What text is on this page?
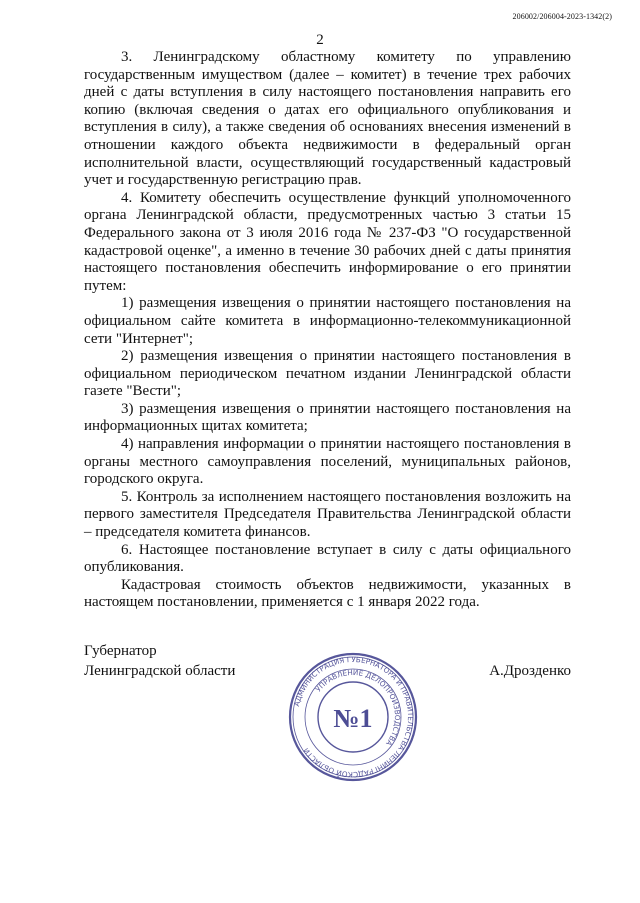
206002/206004-2023-1342(2)
2

3. Ленинградскому областному комитету по управлению государственным имуществом (далее – комитет) в течение трех рабочих дней с даты вступления в силу настоящего постановления направить его копию (включая сведения о датах его официального опубликования и вступления в силу), а также сведения об основаниях внесения изменений в отношении каждого объекта недвижимости в федеральный орган исполнительной власти, осуществляющий государственный кадастровый учет и государственную регистрацию прав.

4. Комитету обеспечить осуществление функций уполномоченного органа Ленинградской области, предусмотренных частью 3 статьи 15 Федерального закона от 3 июля 2016 года № 237-ФЗ "О государственной кадастровой оценке", а именно в течение 30 рабочих дней с даты принятия настоящего постановления обеспечить информирование о его принятии путем:

1) размещения извещения о принятии настоящего постановления на официальном сайте комитета в информационно-телекоммуникационной сети "Интернет";

2) размещения извещения о принятии настоящего постановления в официальном периодическом печатном издании Ленинградской области газете "Вести";

3) размещения извещения о принятии настоящего постановления на информационных щитах комитета;

4) направления информации о принятии настоящего постановления в органы местного самоуправления поселений, муниципальных районов, городского округа.

5. Контроль за исполнением настоящего постановления возложить на первого заместителя Председателя Правительства Ленинградской области – председателя комитета финансов.

6. Настоящее постановление вступает в силу с даты официального опубликования.

Кадастровая стоимость объектов недвижимости, указанных в настоящем постановлении, применяется с 1 января 2022 года.

Губернатор
Ленинградской области	А.Дрозденко
АДМИНИСТРАЦИЯ ГУБЕРНАТОРА И ПРАВИТЕЛЬСТВА ЛЕНИНГРАДСКОЙ ОБЛАСТИ
УПРАВЛЕНИЕ ДЕЛОПРОИЗВОДСТВА
№1
